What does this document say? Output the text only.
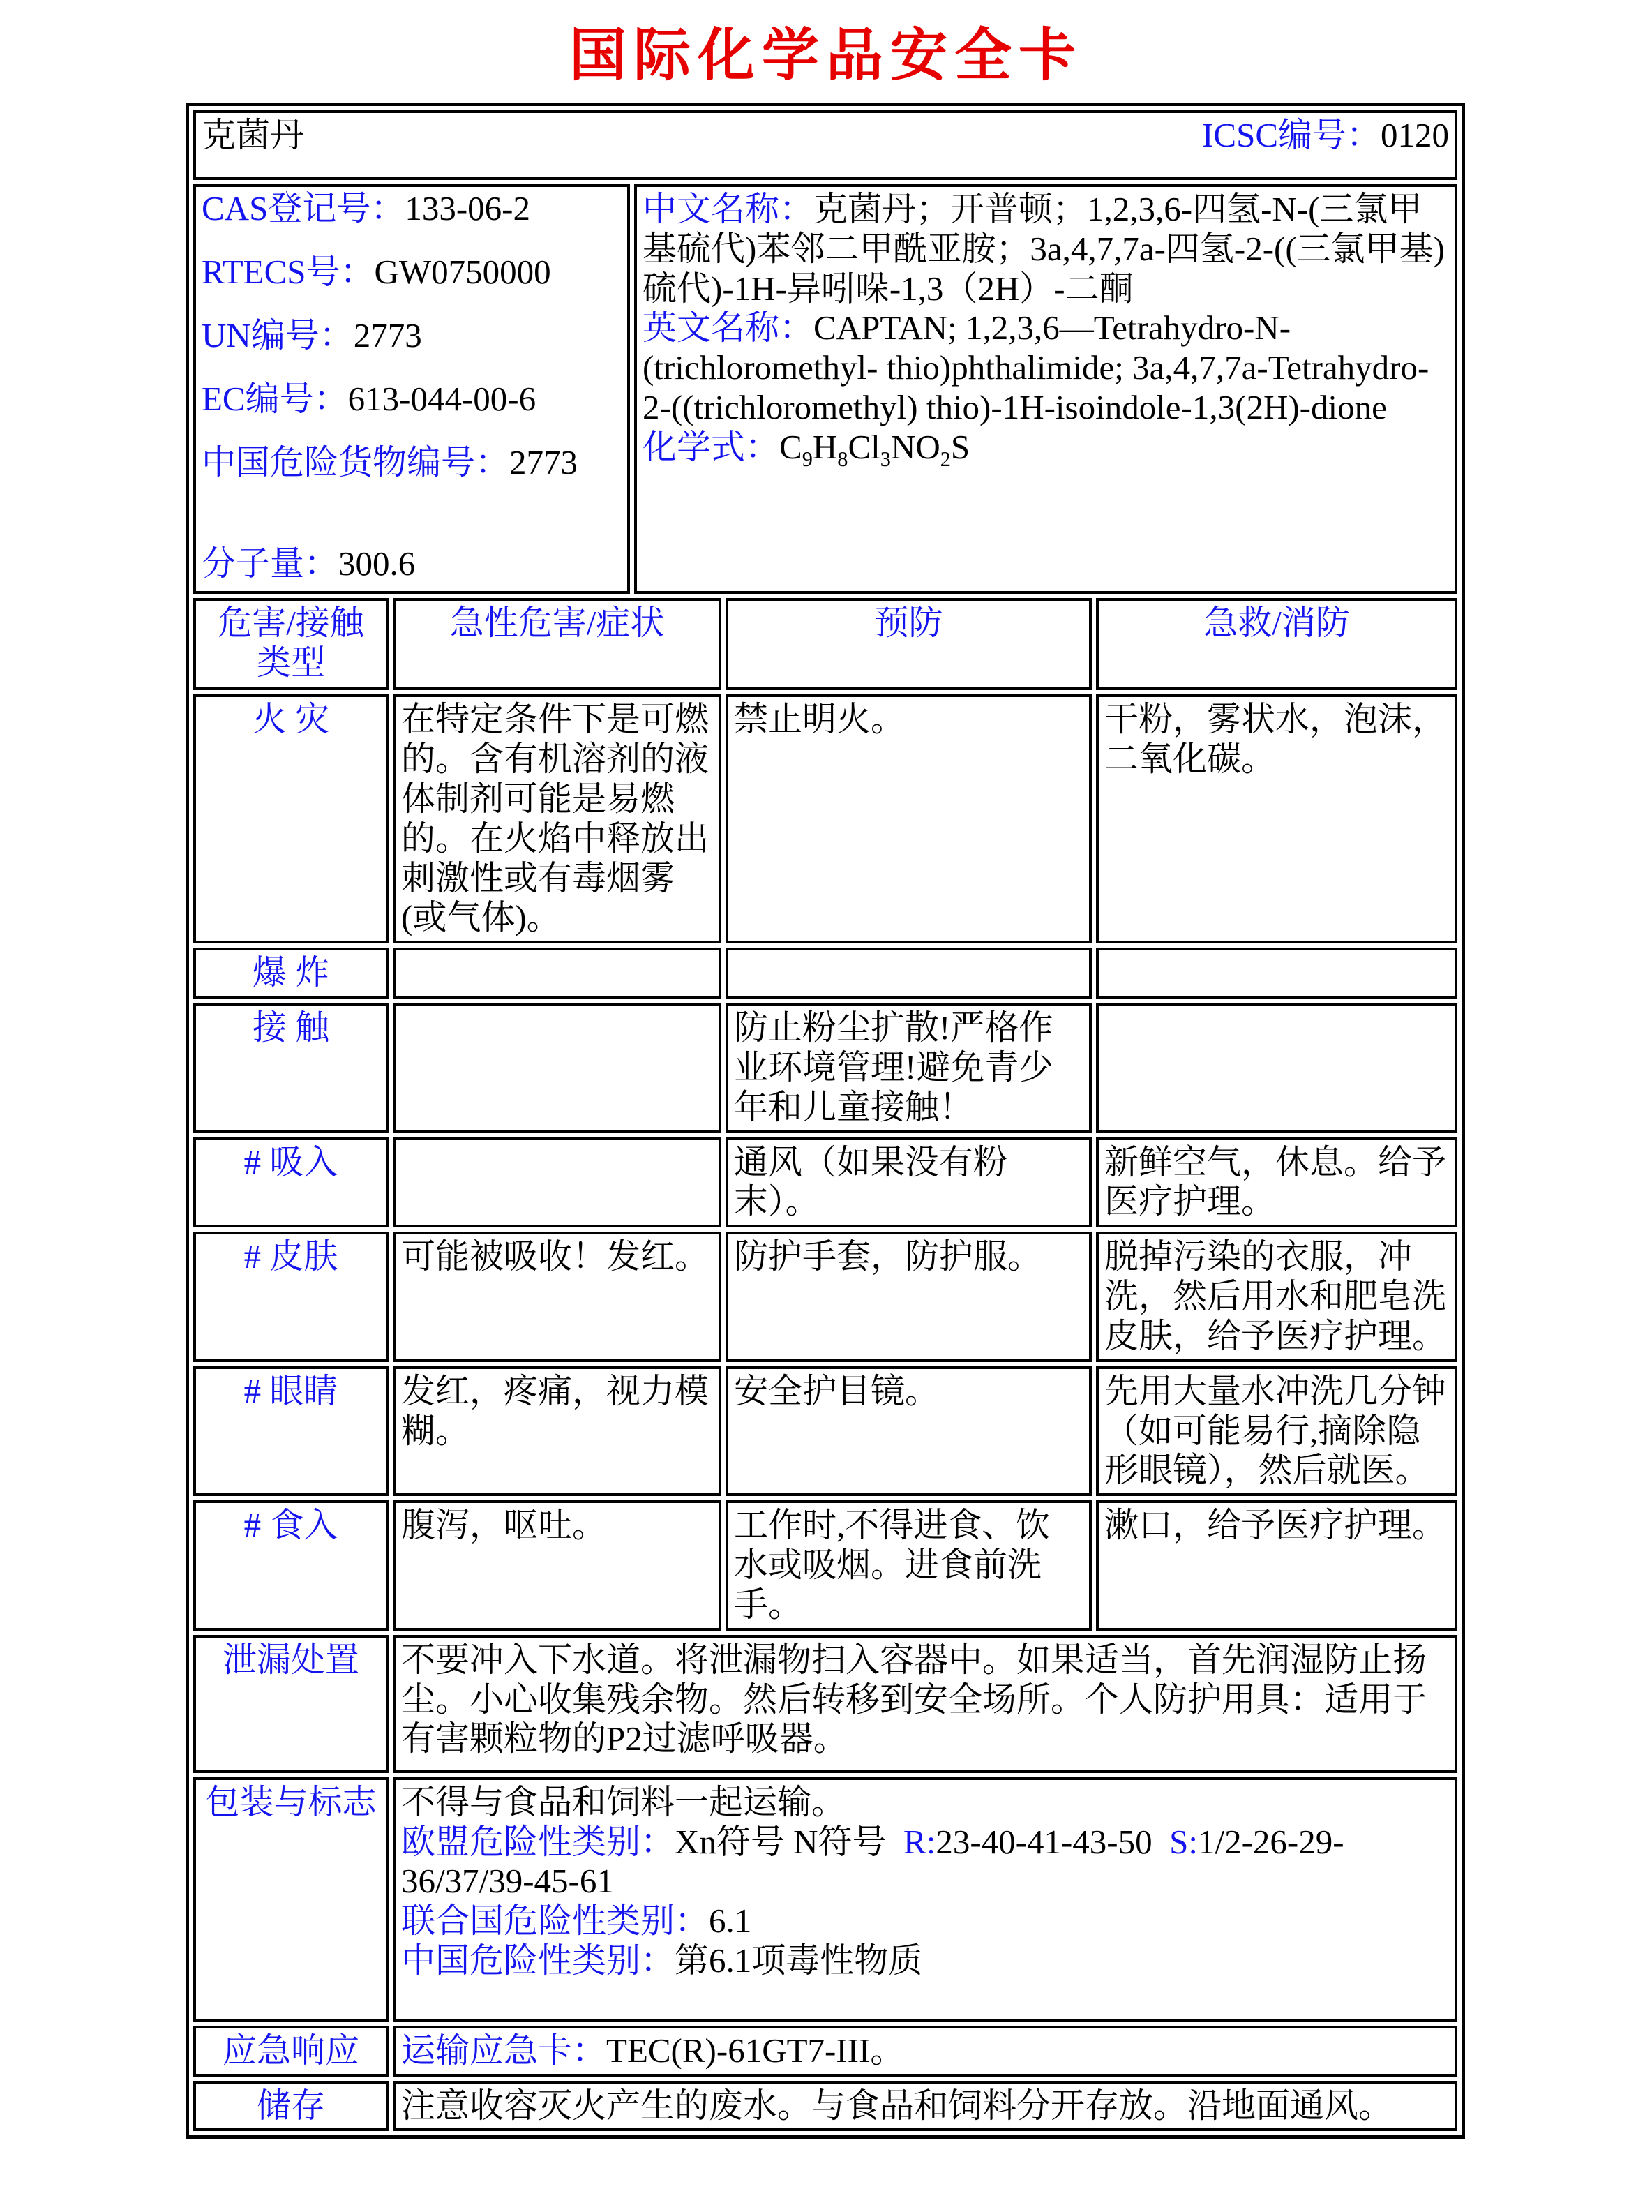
国际化学品安全卡
克菌丹 ICSC编号：0120				

CAS登记号：133-06-2
RTECS号：GW0750000
UN编号：2773
EC编号：613-044-00-6
中国危险货物编号：2773
分子量：300.6

中文名称：克菌丹；开普顿；1,2,3,6-四氢-N-(三氯甲基硫代)苯邻二甲酰亚胺；3a,4,7,7a-四氢-2-((三氯甲基)硫代)-1H-异吲哚-1,3（2H）-二酮
英文名称：CAPTAN; 1,2,3,6—Tetrahydro-N-(trichloromethyl- thio)phthalimide; 3a,4,7,7a-Tetrahydro-2-((trichloromethyl) thio)-1H-isoindole-1,3(2H)-dione
化学式：$C_9H_8Cl_3NO_2S$

危害/接触类型	急性危害/症状		预防	急救/消防
火 灾	在特定条件下是可燃的。含有机溶剂的液体制剂可能是易燃的。在火焰中释放出刺激性或有毒烟雾(或气体)。		禁止明火。	干粉，雾状水，泡沫，二氧化碳。
爆 炸				
接 触			防止粉尘扩散!严格作业环境管理!避免青少年和儿童接触！	
# 吸入			通风（如果没有粉末）。	新鲜空气，休息。给予医疗护理。
# 皮肤	可能被吸收！发红。		防护手套，防护服。	脱掉污染的衣服，冲洗，然后用水和肥皂洗皮肤，给予医疗护理。
# 眼睛	发红，疼痛，视力模糊。		安全护目镜。	先用大量水冲洗几分钟（如可能易行,摘除隐形眼镜），然后就医。
# 食入	腹泻，呕吐。		工作时,不得进食、饮水或吸烟。进食前洗手。	漱口，给予医疗护理。
泄漏处置	不要冲入下水道。将泄漏物扫入容器中。如果适当，首先润湿防止扬尘。小心收集残余物。然后转移到安全场所。个人防护用具：适用于有害颗粒物的P2过滤呼吸器。			

包装与标志	不得与食品和饲料一起运输。
欧盟危险性类别：Xn符号 N符号  R:23-40-41-43-50  S:1/2-26-29-36/37/39-45-61
联合国危险性类别：6.1
中国危险性类别：第6.1项毒性物质			

应急响应	运输应急卡：TEC(R)-61GT7-III。			

储存	注意收容灭火产生的废水。与食品和饲料分开存放。沿地面通风。			
